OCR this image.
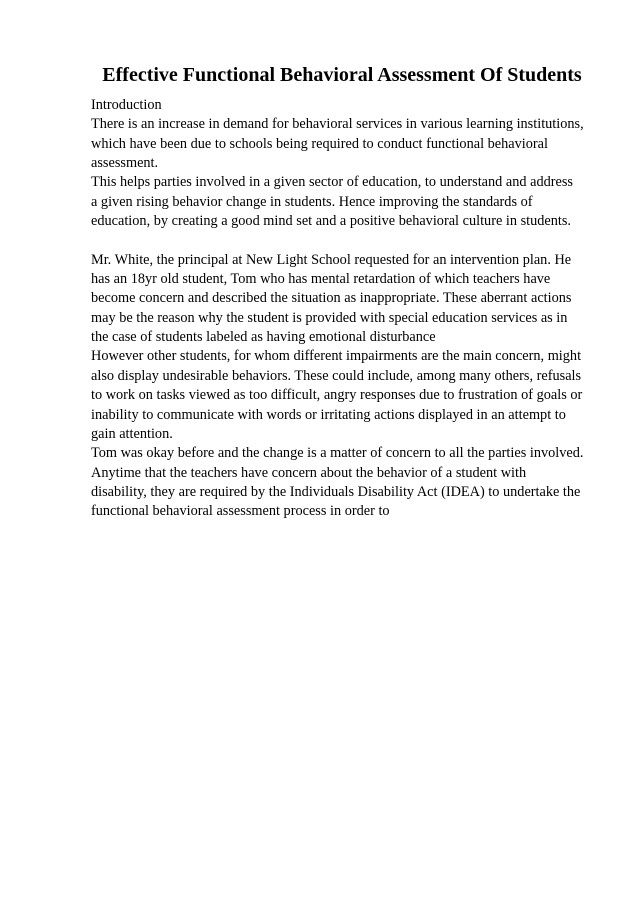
Effective Functional Behavioral Assessment Of Students
Introduction
There is an increase in demand for behavioral services in various learning institutions,
which have been due to schools being required to conduct functional behavioral
assessment.
This helps parties involved in a given sector of education, to understand and address
a given rising behavior change in students. Hence improving the standards of
education, by creating a good mind set and a positive behavioral culture in students.
Mr. White, the principal at New Light School requested for an intervention plan. He
has an 18yr old student, Tom who has mental retardation of which teachers have
become concern and described the situation as inappropriate. These aberrant actions
may be the reason why the student is provided with special education services as in
the case of students labeled as having emotional disturbance
However other students, for whom different impairments are the main concern, might
also display undesirable behaviors. These could include, among many others, refusals
to work on tasks viewed as too difficult, angry responses due to frustration of goals or
inability to communicate with words or irritating actions displayed in an attempt to
gain attention.
Tom was okay before and the change is a matter of concern to all the parties involved.
Anytime that the teachers have concern about the behavior of a student with
disability, they are required by the Individuals Disability Act (IDEA) to undertake the
functional behavioral assessment process in order to
